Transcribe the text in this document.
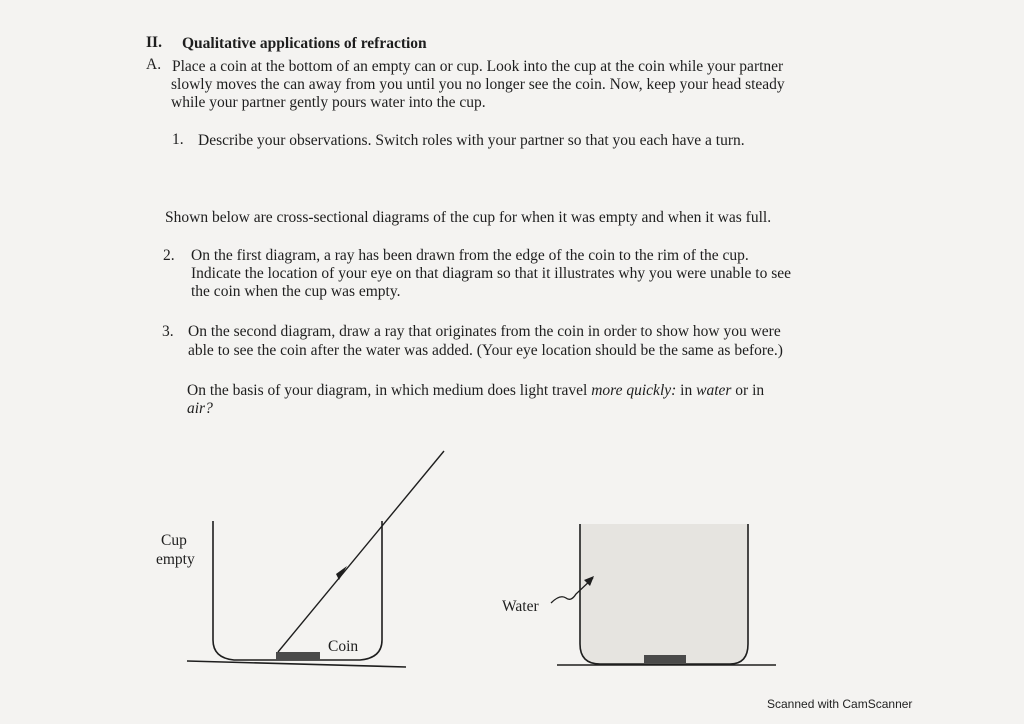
II. Qualitative applications of refraction
A. Place a coin at the bottom of an empty can or cup. Look into the cup at the coin while your partner
slowly moves the can away from you until you no longer see the coin. Now, keep your head steady
while your partner gently pours water into the cup.
1. Describe your observations. Switch roles with your partner so that you each have a turn.
Shown below are cross-sectional diagrams of the cup for when it was empty and when it was full.
2. On the first diagram, a ray has been drawn from the edge of the coin to the rim of the cup.
Indicate the location of your eye on that diagram so that it illustrates why you were unable to see
the coin when the cup was empty.
3. On the second diagram, draw a ray that originates from the coin in order to show how you were
able to see the coin after the water was added. (Your eye location should be the same as before.)
On the basis of your diagram, in which medium does light travel more quickly: in water or in
air?
Cup
empty
Coin
Water
Scanned with CamScanner
